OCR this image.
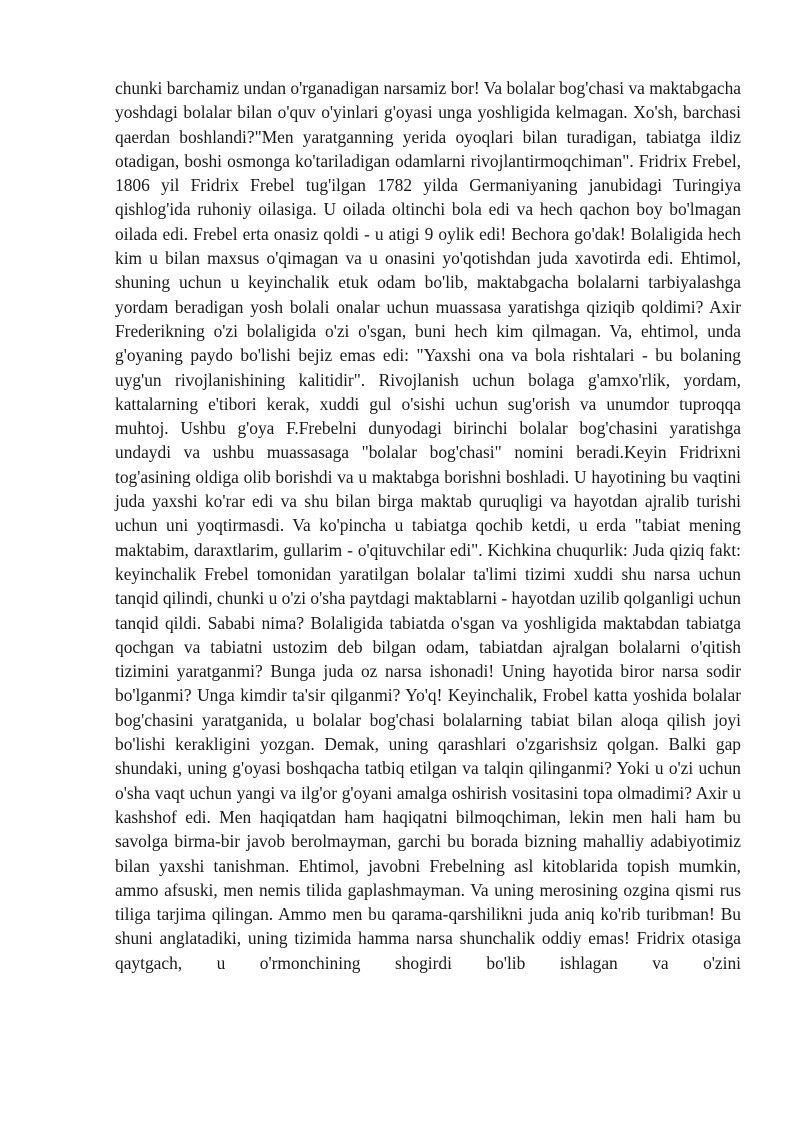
chunki barchamiz undan o'rganadigan narsamiz bor! Va bolalar bog'chasi va maktabgacha yoshdagi bolalar bilan o'quv o'yinlari g'oyasi unga yoshligida kelmagan. Xo'sh, barchasi qaerdan boshlandi?"Men yaratganning yerida oyoqlari bilan turadigan, tabiatga ildiz otadigan, boshi osmonga ko'tariladigan odamlarni rivojlantirmoqchiman". Fridrix Frebel, 1806 yil Fridrix Frebel tug'ilgan 1782 yilda Germaniyaning janubidagi Turingiya qishlog'ida ruhoniy oilasiga. U oilada oltinchi bola edi va hech qachon boy bo'lmagan oilada edi. Frebel erta onasiz qoldi - u atigi 9 oylik edi! Bechora go'dak! Bolaligida hech kim u bilan maxsus o'qimagan va u onasini yo'qotishdan juda xavotirda edi. Ehtimol, shuning uchun u keyinchalik etuk odam bo'lib, maktabgacha bolalarni tarbiyalashga yordam beradigan yosh bolali onalar uchun muassasa yaratishga qiziqib qoldimi? Axir Frederikning o'zi bolaligida o'zi o'sgan, buni hech kim qilmagan. Va, ehtimol, unda g'oyaning paydo bo'lishi bejiz emas edi: "Yaxshi ona va bola rishtalari - bu bolaning uyg'un rivojlanishining kalitidir". Rivojlanish uchun bolaga g'amxo'rlik, yordam, kattalarning e'tibori kerak, xuddi gul o'sishi uchun sug'orish va unumdor tuproqqa muhtoj. Ushbu g'oya F.Frebelni dunyodagi birinchi bolalar bog'chasini yaratishga undaydi va ushbu muassasaga "bolalar bog'chasi" nomini beradi.Keyin Fridrixni tog'asining oldiga olib borishdi va u maktabga borishni boshladi. U hayotining bu vaqtini juda yaxshi ko'rar edi va shu bilan birga maktab quruqligi va hayotdan ajralib turishi uchun uni yoqtirmasdi. Va ko'pincha u tabiatga qochib ketdi, u erda "tabiat mening maktabim, daraxtlarim, gullarim - o'qituvchilar edi". Kichkina chuqurlik: Juda qiziq fakt: keyinchalik Frebel tomonidan yaratilgan bolalar ta'limi tizimi xuddi shu narsa uchun tanqid qilindi, chunki u o'zi o'sha paytdagi maktablarni - hayotdan uzilib qolganligi uchun tanqid qildi. Sababi nima? Bolaligida tabiatda o'sgan va yoshligida maktabdan tabiatga qochgan va tabiatni ustozim deb bilgan odam, tabiatdan ajralgan bolalarni o'qitish tizimini yaratganmi? Bunga juda oz narsa ishonadi! Uning hayotida biror narsa sodir bo'lganmi? Unga kimdir ta'sir qilganmi? Yo'q! Keyinchalik, Frobel katta yoshida bolalar bog'chasini yaratganida, u bolalar bog'chasi bolalarning tabiat bilan aloqa qilish joyi bo'lishi kerakligini yozgan. Demak, uning qarashlari o'zgarishsiz qolgan. Balki gap shundaki, uning g'oyasi boshqacha tatbiq etilgan va talqin qilinganmi? Yoki u o'zi uchun o'sha vaqt uchun yangi va ilg'or g'oyani amalga oshirish vositasini topa olmadimi? Axir u kashshof edi. Men haqiqatdan ham haqiqatni bilmoqchiman, lekin men hali ham bu savolga birma-bir javob berolmayman, garchi bu borada bizning mahalliy adabiyotimiz bilan yaxshi tanishman. Ehtimol, javobni Frebelning asl kitoblarida topish mumkin, ammo afsuski, men nemis tilida gaplashmayman. Va uning merosining ozgina qismi rus tiliga tarjima qilingan. Ammo men bu qarama-qarshilikni juda aniq ko'rib turibman! Bu shuni anglatadiki, uning tizimida hamma narsa shunchalik oddiy emas! Fridrix otasiga qaytgach, u o'rmonchining shogirdi bo'lib ishlagan va o'zini
